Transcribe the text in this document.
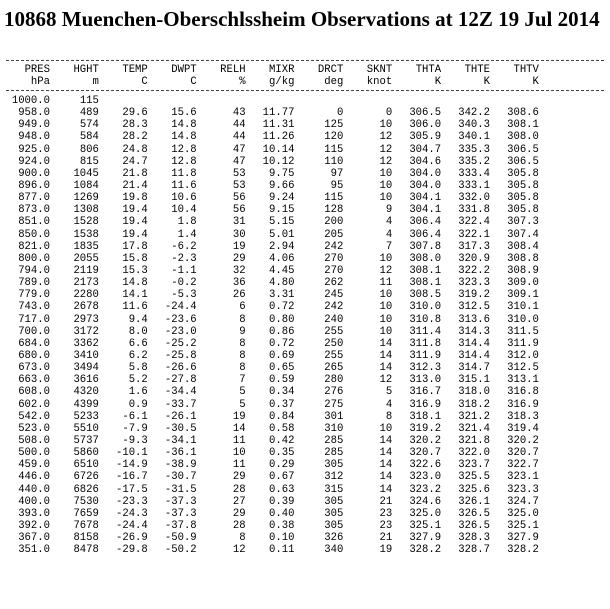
10868 Muenchen-Oberschlssheim Observations at 12Z 19 Jul 2014
PRES	HGHT	TEMP	DWPT	RELH	MIXR	DRCT	SKNT	THTA	THTE	THTV
hPa	m	C	C	%	g/kg	deg	knot	K	K	K
1000.0	115
958.0	489	29.6	15.6	43	11.77	0	0	306.5	342.2	308.6
949.0	574	28.3	14.8	44	11.31	125	10	306.0	340.3	308.1
948.0	584	28.2	14.8	44	11.26	120	12	305.9	340.1	308.0
925.0	806	24.8	12.8	47	10.14	115	12	304.7	335.3	306.5
924.0	815	24.7	12.8	47	10.12	110	12	304.6	335.2	306.5
900.0	1045	21.8	11.8	53	9.75	97	10	304.0	333.4	305.8
896.0	1084	21.4	11.6	53	9.66	95	10	304.0	333.1	305.8
877.0	1269	19.8	10.6	56	9.24	115	10	304.1	332.0	305.8
873.0	1308	19.4	10.4	56	9.15	128	9	304.1	331.8	305.8
851.0	1528	19.4	1.8	31	5.15	200	4	306.4	322.4	307.3
850.0	1538	19.4	1.4	30	5.01	205	4	306.4	322.1	307.4
821.0	1835	17.8	-6.2	19	2.94	242	7	307.8	317.3	308.4
800.0	2055	15.8	-2.3	29	4.06	270	10	308.0	320.9	308.8
794.0	2119	15.3	-1.1	32	4.45	270	12	308.1	322.2	308.9
789.0	2173	14.8	-0.2	36	4.80	262	11	308.1	323.3	309.0
779.0	2280	14.1	-5.3	26	3.31	245	10	308.5	319.2	309.1
743.0	2678	11.6	-24.4	6	0.72	242	10	310.0	312.5	310.1
717.0	2973	9.4	-23.6	8	0.80	240	10	310.8	313.6	310.0
700.0	3172	8.0	-23.0	9	0.86	255	10	311.4	314.3	311.5
684.0	3362	6.6	-25.2	8	0.72	250	14	311.8	314.4	311.9
680.0	3410	6.2	-25.8	8	0.69	255	14	311.9	314.4	312.0
673.0	3494	5.8	-26.6	8	0.65	265	14	312.3	314.7	312.5
663.0	3616	5.2	-27.8	7	0.59	280	12	313.0	315.1	313.1
608.0	4320	1.6	-34.4	5	0.34	276	5	316.7	318.0	316.8
602.0	4399	0.9	-33.7	5	0.37	275	4	316.9	318.2	316.9
542.0	5233	-6.1	-26.1	19	0.84	301	8	318.1	321.2	318.3
523.0	5510	-7.9	-30.5	14	0.58	310	10	319.2	321.4	319.4
508.0	5737	-9.3	-34.1	11	0.42	285	14	320.2	321.8	320.2
500.0	5860	-10.1	-36.1	10	0.35	285	14	320.7	322.0	320.7
459.0	6510	-14.9	-38.9	11	0.29	305	14	322.6	323.7	322.7
446.0	6726	-16.7	-30.7	29	0.67	312	14	323.0	325.5	323.1
440.0	6826	-17.5	-31.5	28	0.63	315	14	323.2	325.6	323.3
400.0	7530	-23.3	-37.3	27	0.39	305	21	324.6	326.1	324.7
393.0	7659	-24.3	-37.3	29	0.40	305	23	325.0	326.5	325.0
392.0	7678	-24.4	-37.8	28	0.38	305	23	325.1	326.5	325.1
367.0	8158	-26.9	-50.9	8	0.10	326	21	327.9	328.3	327.9
351.0	8478	-29.8	-50.2	12	0.11	340	19	328.2	328.7	328.2
